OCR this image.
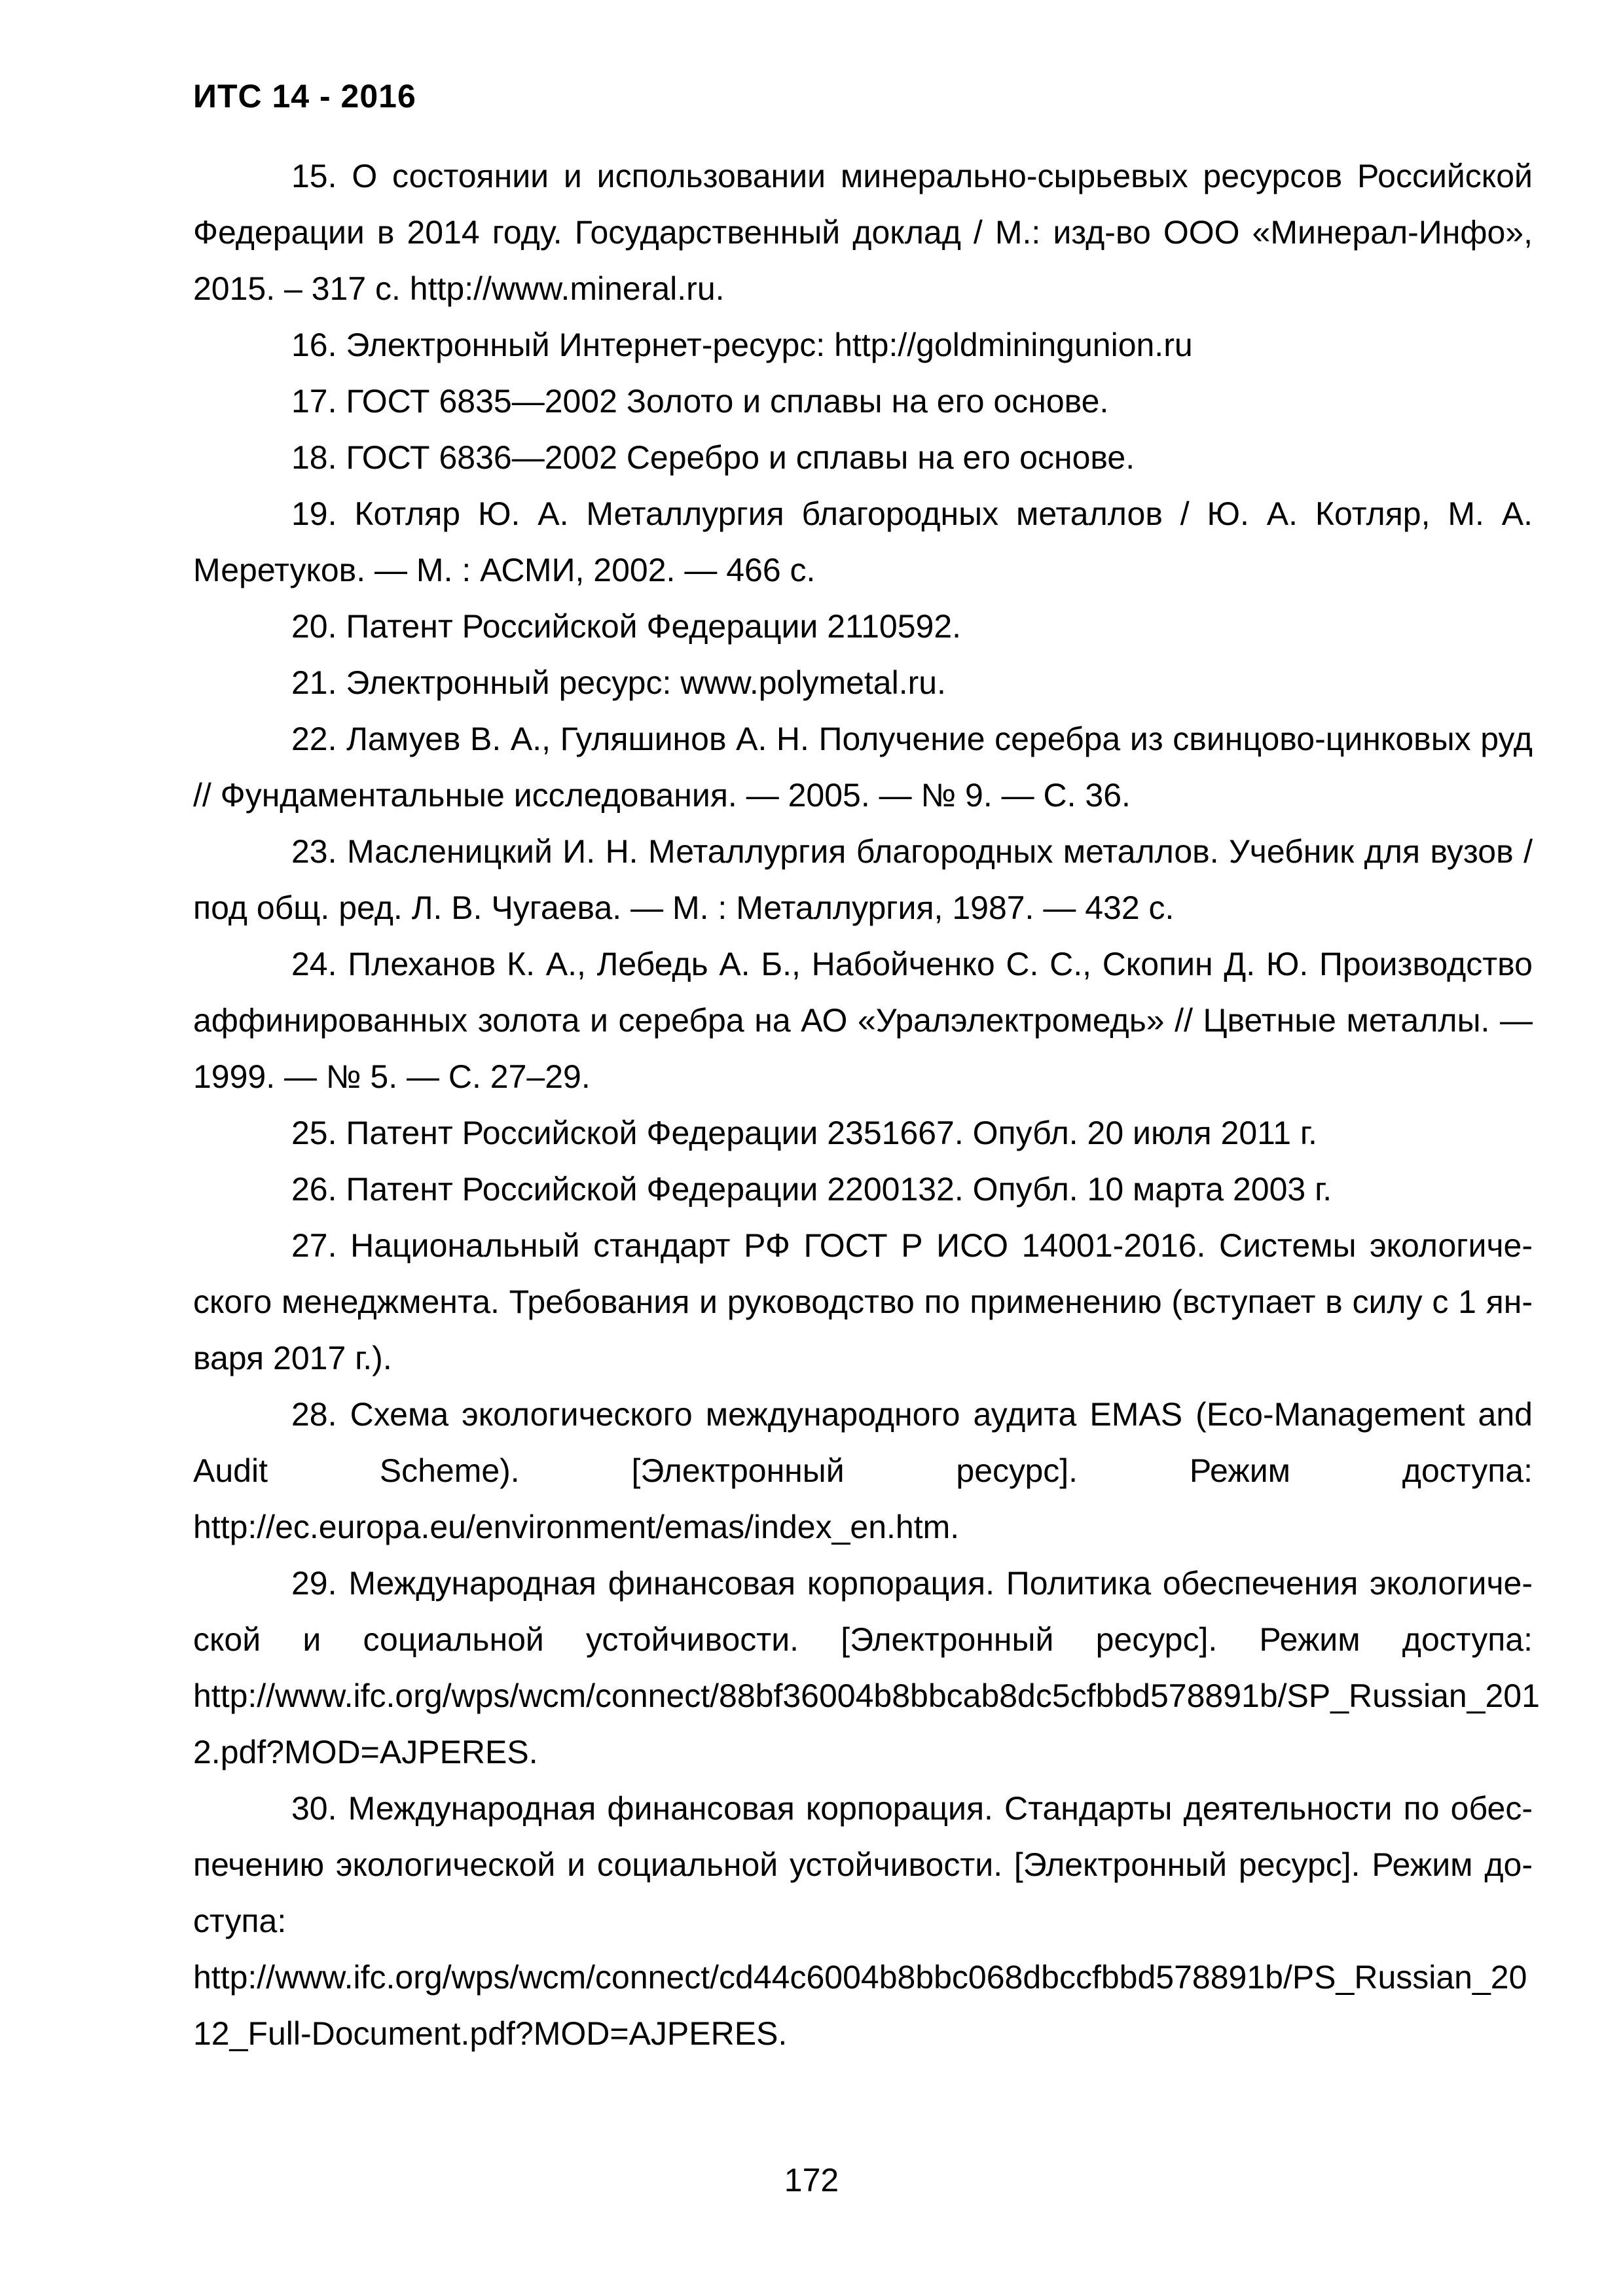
ИТС 14 - 2016

15. О состоянии и использовании минерально-сырьевых ресурсов Российской Федерации в 2014 году. Государственный доклад / М.: изд-во ООО «Минерал-Инфо», 2015. – 317 с. http://www.mineral.ru.

16. Электронный Интернет-ресурс: http://goldminingunion.ru

17. ГОСТ 6835—2002 Золото и сплавы на его основе.

18. ГОСТ 6836—2002 Серебро и сплавы на его основе.

19. Котляр Ю. А. Металлургия благородных металлов / Ю. А. Котляр, М. А. Меретуков. — М. : АСМИ, 2002. — 466 с.

20. Патент Российской Федерации 2110592.

21. Электронный ресурс: www.polymetal.ru.

22. Ламуев В. А., Гуляшинов А. Н. Получение серебра из свинцово-цинковых руд // Фундаментальные исследования. — 2005. — № 9. — С. 36.

23. Масленицкий И. Н. Металлургия благородных металлов. Учебник для вузов / под общ. ред. Л. В. Чугаева. — М. : Металлургия, 1987. — 432 с.

24. Плеханов К. А., Лебедь А. Б., Набойченко С. С., Скопин Д. Ю. Производство аффинированных золота и серебра на АО «Уралэлектромедь» // Цветные металлы. — 1999. — № 5. — С. 27–29.

25. Патент Российской Федерации 2351667. Опубл. 20 июля 2011 г.

26. Патент Российской Федерации 2200132. Опубл. 10 марта 2003 г.

27. Национальный стандарт РФ ГОСТ Р ИСО 14001-2016. Системы экологического менеджмента. Требования и руководство по применению (вступает в силу с 1 января 2017 г.).

28. Схема экологического международного аудита EMAS (Eco-Management and Audit Scheme). [Электронный ресурс]. Режим доступа:

http://ec.europa.eu/environment/emas/index_en.htm.

29. Международная финансовая корпорация. Политика обеспечения экологической и социальной устойчивости. [Электронный ресурс]. Режим доступа:

http://www.ifc.org/wps/wcm/connect/88bf36004b8bbcab8dc5cfbbd578891b/SP_Russian_201
2.pdf?MOD=AJPERES.

30. Международная финансовая корпорация. Стандарты деятельности по обеспечению экологической и социальной устойчивости. [Электронный ресурс]. Режим доступа:

http://www.ifc.org/wps/wcm/connect/cd44c6004b8bbc068dbccfbbd578891b/PS_Russian_20
12_Full-Document.pdf?MOD=AJPERES.
172
